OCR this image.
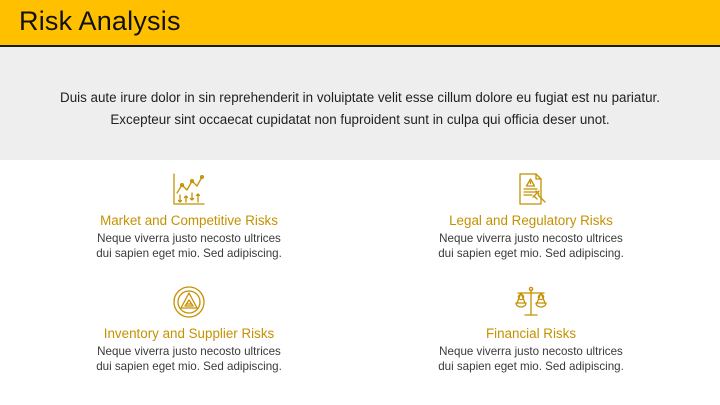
Risk Analysis
Duis aute irure dolor in sin reprehenderit in voluiptate velit esse cillum dolore eu fugiat est nu pariatur. Excepteur sint occaecat cupidatat non fuproident sunt in culpa qui officia deser unot.
Market and Competitive Risks
Neque viverra justo necosto ultrices
dui sapien eget mio. Sed adipiscing.
Legal and Regulatory Risks
Neque viverra justo necosto ultrices
dui sapien eget mio. Sed adipiscing.
Inventory and Supplier Risks
Neque viverra justo necosto ultrices
dui sapien eget mio. Sed adipiscing.
Financial Risks
Neque viverra justo necosto ultrices
dui sapien eget mio. Sed adipiscing.
